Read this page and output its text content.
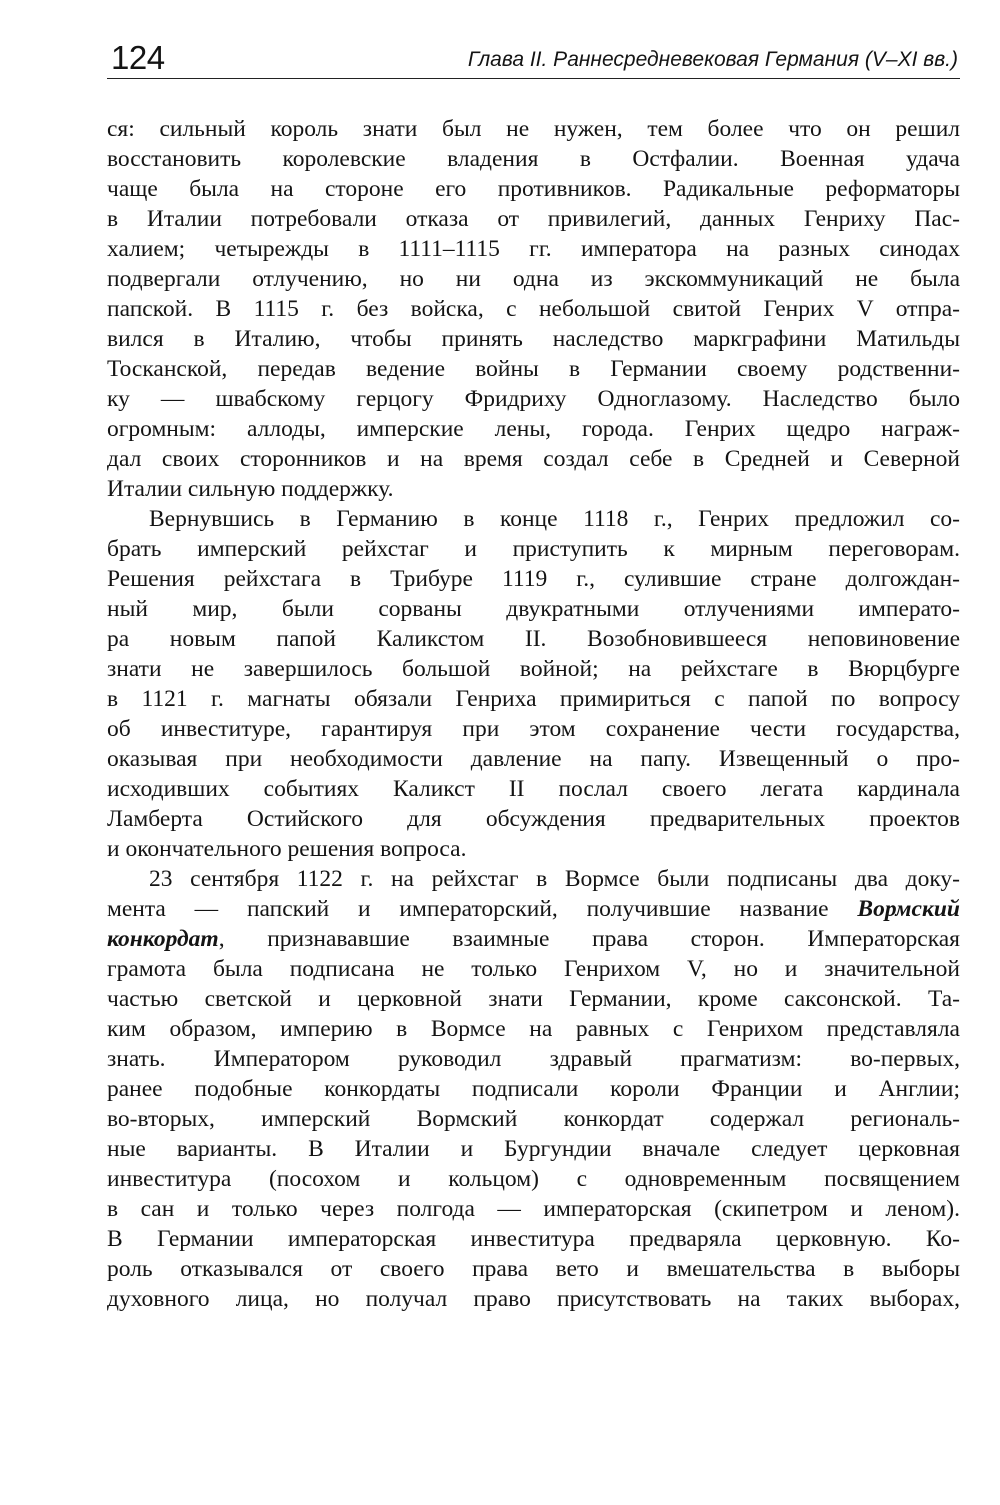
124	Глава II. Раннесредневековая Германия (V–XI вв.)
ся: сильный король знати был не нужен, тем более что он решил
восстановить королевские владения в Остфалии. Военная удача
чаще была на стороне его противников. Радикальные реформаторы
в Италии потребовали отказа от привилегий, данных Генриху Пас-
халием; четырежды в 1111–1115 гг. императора на разных синодах
подвергали отлучению, но ни одна из экскоммуникаций не была
папской. В 1115 г. без войска, с небольшой свитой Генрих V отпра-
вился в Италию, чтобы принять наследство маркграфини Матильды
Тосканской, передав ведение войны в Германии своему родственни-
ку — швабскому герцогу Фридриху Одноглазому. Наследство было
огромным: аллоды, имперские лены, города. Генрих щедро награж-
дал своих сторонников и на время создал себе в Средней и Северной
Италии сильную поддержку.
Вернувшись в Германию в конце 1118 г., Генрих предложил со-
брать имперский рейхстаг и приступить к мирным переговорам.
Решения рейхстага в Трибуре 1119 г., сулившие стране долгождан-
ный мир, были сорваны двукратными отлучениями императо-
ра новым папой Каликстом II. Возобновившееся неповиновение
знати не завершилось большой войной; на рейхстаге в Вюрцбурге
в 1121 г. магнаты обязали Генриха примириться с папой по вопросу
об инвеституре, гарантируя при этом сохранение чести государства,
оказывая при необходимости давление на папу. Извещенный о про-
исходивших событиях Каликст II послал своего легата кардинала
Ламберта Остийского для обсуждения предварительных проектов
и окончательного решения вопроса.
23 сентября 1122 г. на рейхстаг в Вормсе были подписаны два доку-
мента — папский и императорский, получившие название Вормский
конкордат, признававшие взаимные права сторон. Императорская
грамота была подписана не только Генрихом V, но и значительной
частью светской и церковной знати Германии, кроме саксонской. Та-
ким образом, империю в Вормсе на равных с Генрихом представляла
знать. Императором руководил здравый прагматизм: во-первых,
ранее подобные конкордаты подписали короли Франции и Англии;
во-вторых, имперский Вормский конкордат содержал региональ-
ные варианты. В Италии и Бургундии вначале следует церковная
инвеститура (посохом и кольцом) с одновременным посвящением
в сан и только через полгода — императорская (скипетром и леном).
В Германии императорская инвеститура предваряла церковную. Ко-
роль отказывался от своего права вето и вмешательства в выборы
духовного лица, но получал право присутствовать на таких выборах,
